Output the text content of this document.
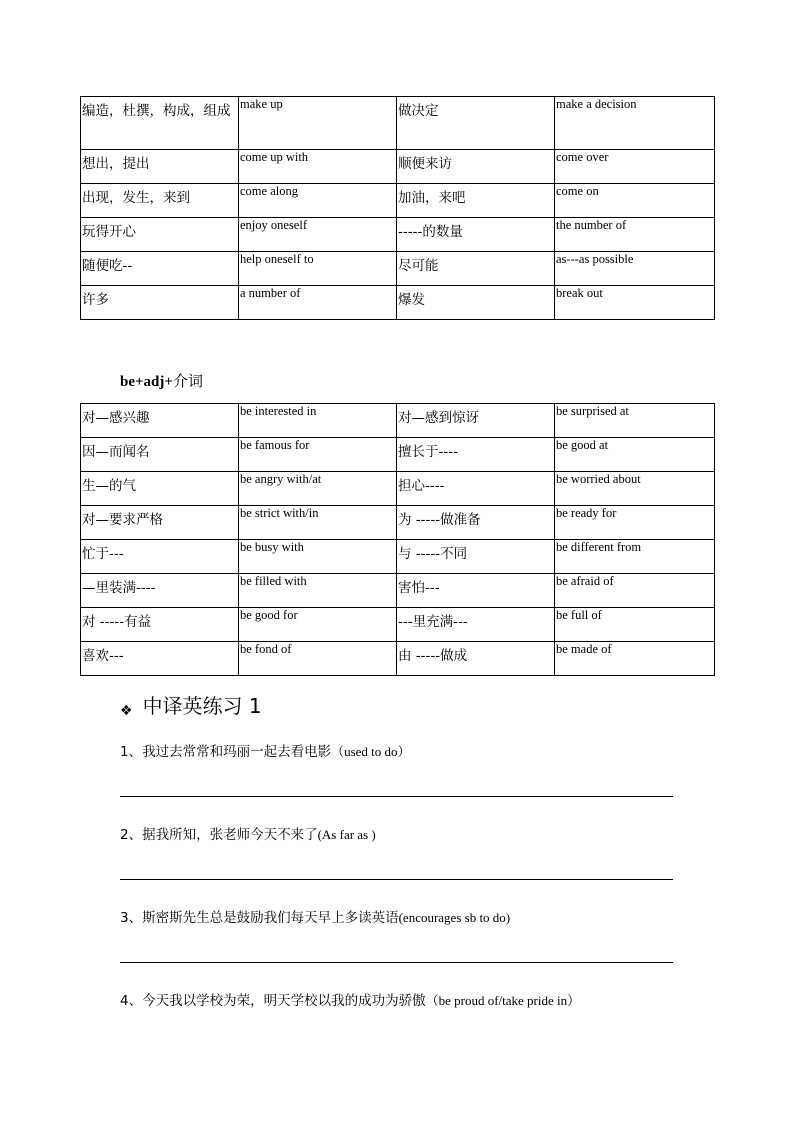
编造，杜撰，构成，组成	make up	做决定	make a decision

想出，提出	come up with	顺便来访	come over

出现，发生，来到	come along	加油，来吧	come on

玩得开心	enjoy oneself	-----的数量	the number of

随便吃--	help oneself to	尽可能	as---as possible

许多	a number of	爆发	break out
be+adj+介词
对—感兴趣	be interested in	对—感到惊讶	be surprised at

因—而闻名	be famous for	擅长于----	be good at

生—的气	be angry with/at	担心----	be worried about

对—要求严格	be strict with/in	为 -----做准备	be ready for

忙于---	be busy with	与 -----不同	be different from

—里装满----	be filled with	害怕---	be afraid of

对 -----有益	be good for	---里充满---	be full of

喜欢---	be fond of	由 -----做成	be made of
❖ 中译英练习 1
1、我过去常常和玛丽一起去看电影（used to do）
2、据我所知，张老师今天不来了(As far as )
3、斯密斯先生总是鼓励我们每天早上多读英语(encourages sb to do)
4、今天我以学校为荣，明天学校以我的成功为骄傲（be proud of/take pride in）
